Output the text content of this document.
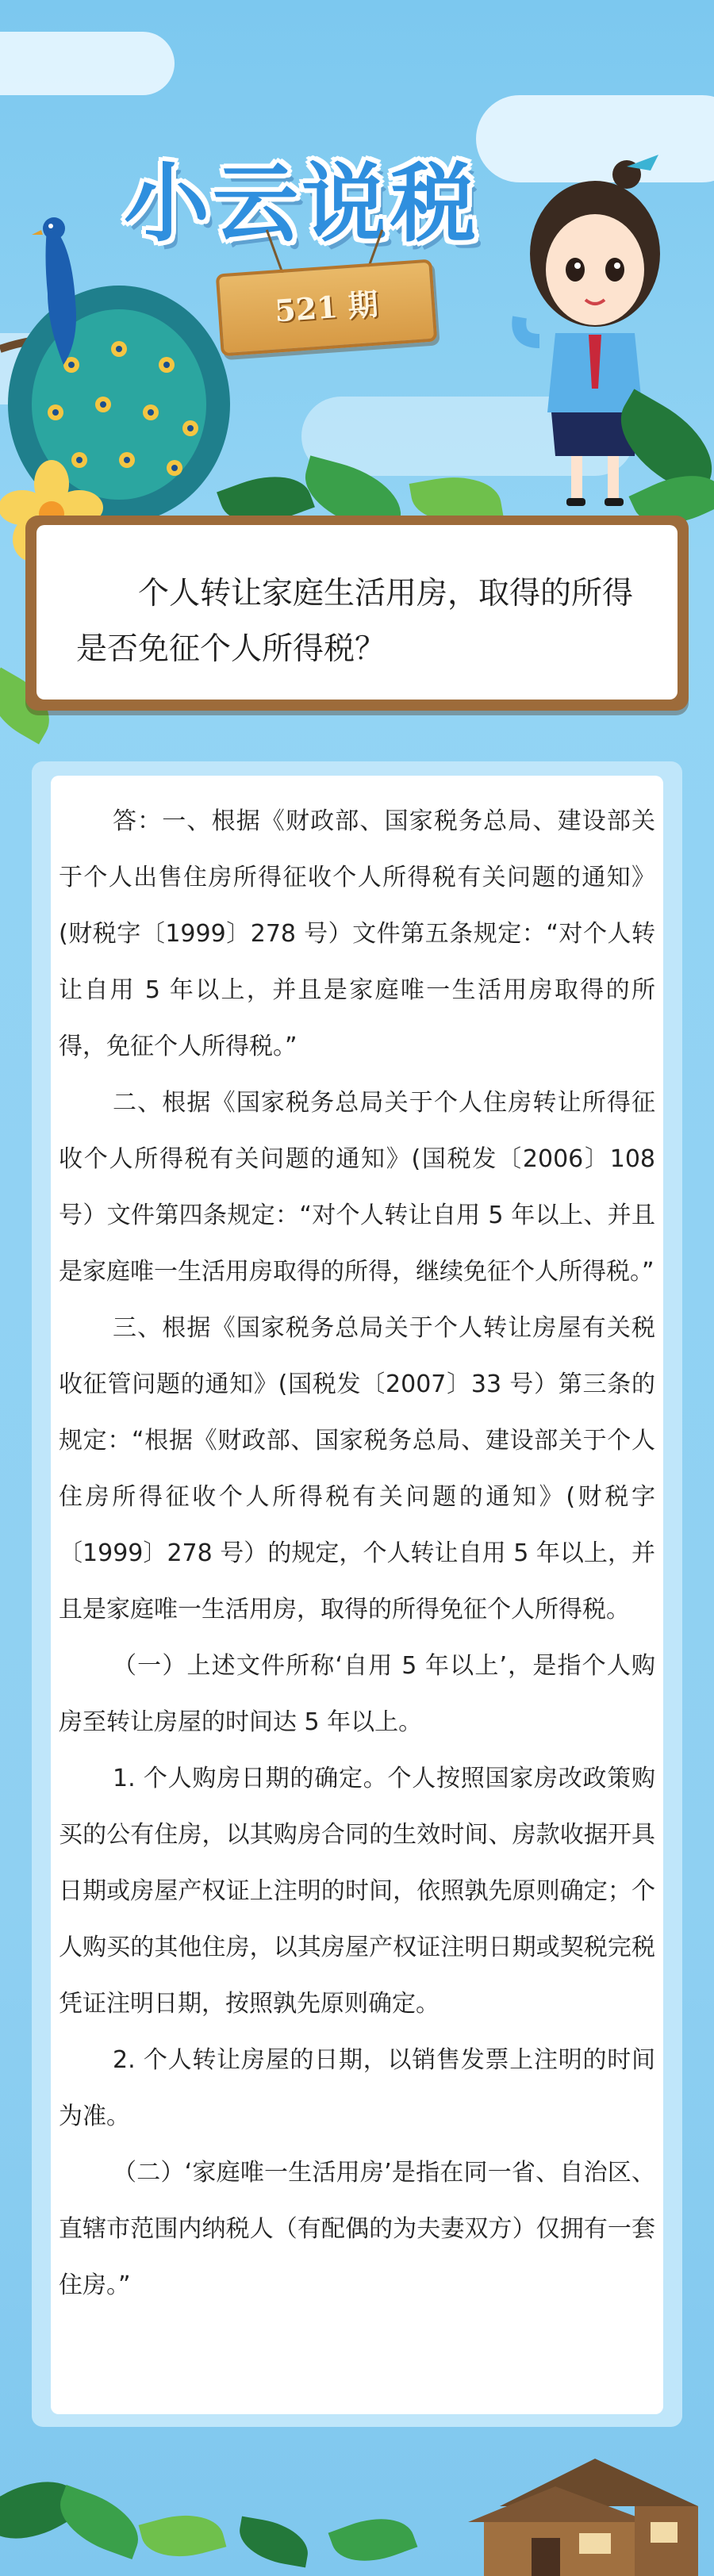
小云说税
521 期
个人转让家庭生活用房，取得的所得是否免征个人所得税？

答：一、根据《财政部、国家税务总局、建设部关于个人出售住房所得征收个人所得税有关问题的通知》(财税字〔1999〕278 号）文件第五条规定：“对个人转让自用 5 年以上，并且是家庭唯一生活用房取得的所得，免征个人所得税。”

二、根据《国家税务总局关于个人住房转让所得征收个人所得税有关问题的通知》(国税发〔2006〕108 号）文件第四条规定：“对个人转让自用 5 年以上、并且是家庭唯一生活用房取得的所得，继续免征个人所得税。”

三、根据《国家税务总局关于个人转让房屋有关税收征管问题的通知》(国税发〔2007〕33 号）第三条的规定：“根据《财政部、国家税务总局、建设部关于个人住房所得征收个人所得税有关问题的通知》(财税字〔1999〕278 号）的规定，个人转让自用 5 年以上，并且是家庭唯一生活用房，取得的所得免征个人所得税。

（一）上述文件所称‘自用 5 年以上’，是指个人购房至转让房屋的时间达 5 年以上。

1. 个人购房日期的确定。个人按照国家房改政策购买的公有住房，以其购房合同的生效时间、房款收据开具日期或房屋产权证上注明的时间，依照孰先原则确定；个人购买的其他住房，以其房屋产权证注明日期或契税完税凭证注明日期，按照孰先原则确定。

2. 个人转让房屋的日期，以销售发票上注明的时间为准。

（二）‘家庭唯一生活用房’是指在同一省、自治区、直辖市范围内纳税人（有配偶的为夫妻双方）仅拥有一套住房。”
